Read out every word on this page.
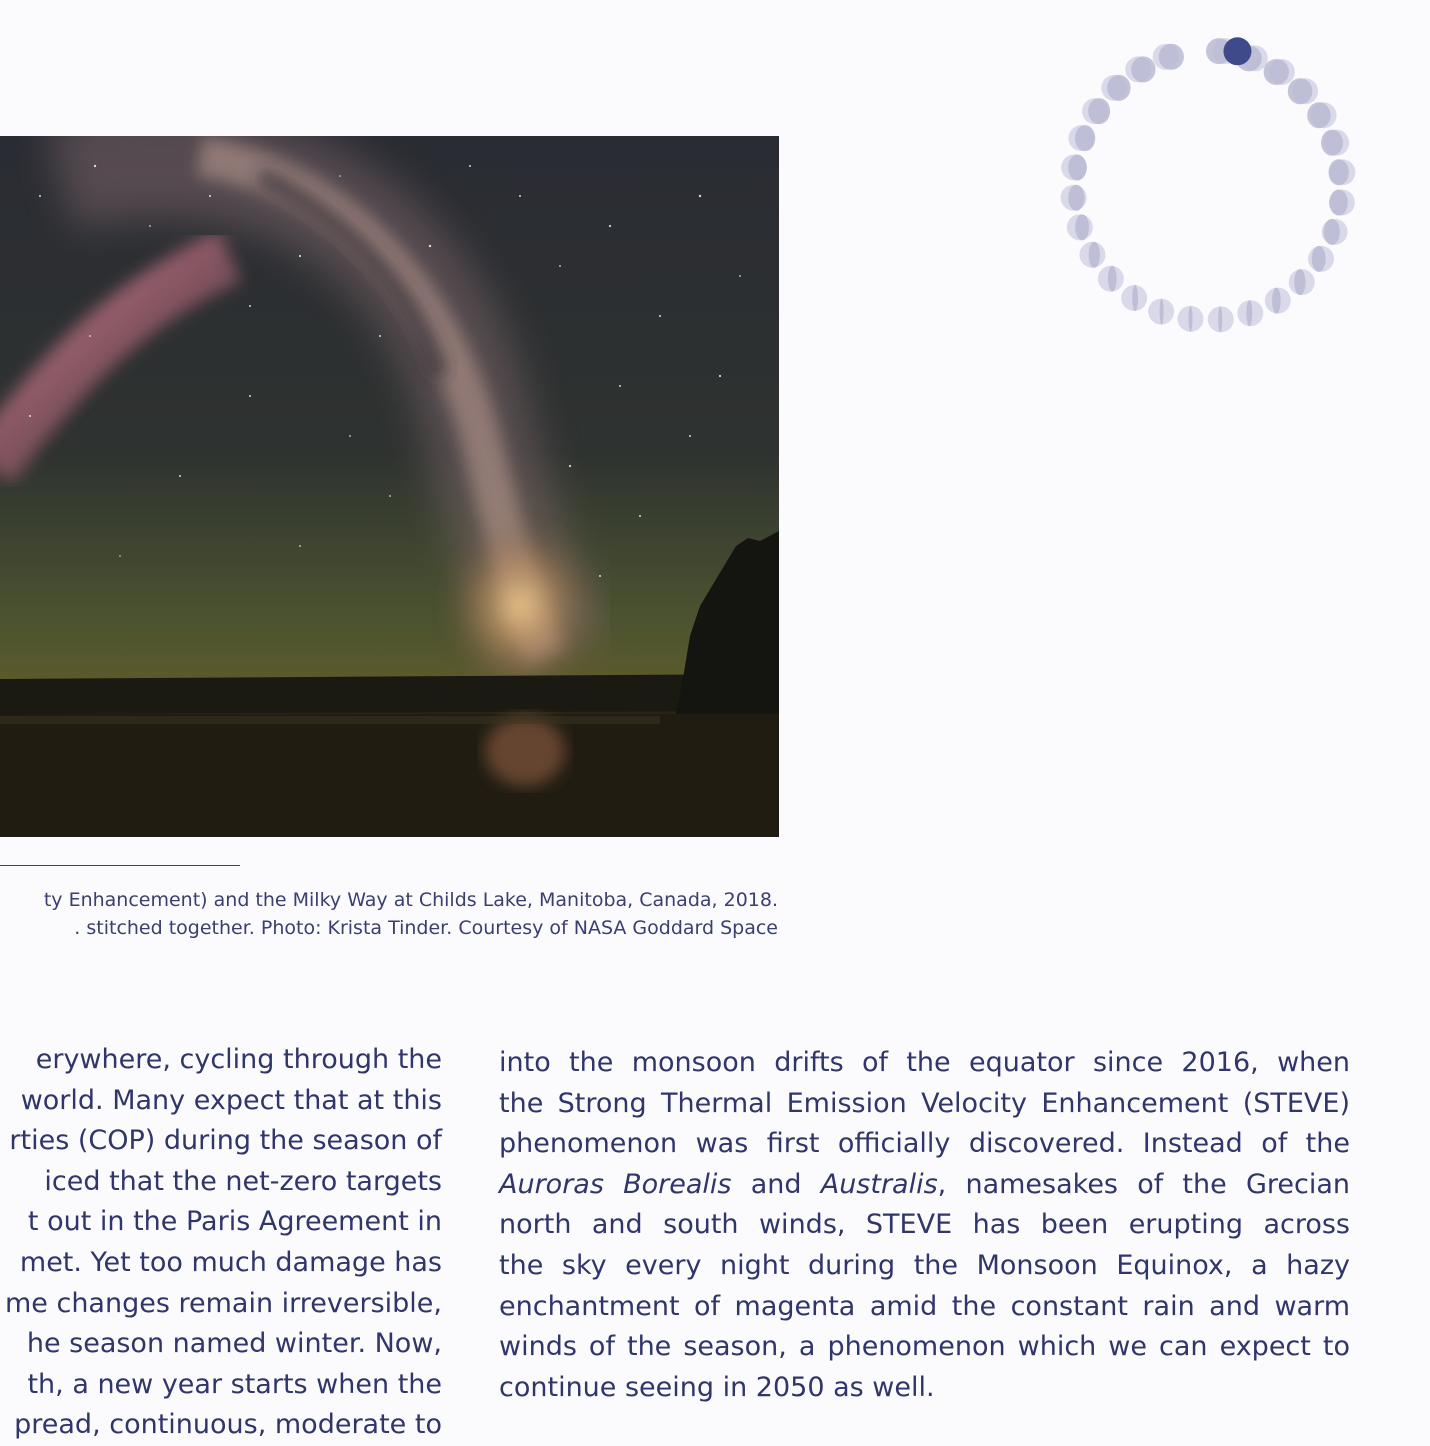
ty Enhancement) and the Milky Way at Childs Lake, Manitoba, Canada, 2018.
. stitched together. Photo: Krista Tinder. Courtesy of NASA Goddard Space
erywhere, cycling through the
world. Many expect that at this
rties (COP) during the season of
iced that the net-zero targets
t out in the Paris Agreement in
met. Yet too much damage has
me changes remain irreversible,
he season named winter. Now,
th, a new year starts when the
pread, continuous, moderate to
into the monsoon drifts of the equator since 2016, when
the Strong Thermal Emission Velocity Enhancement (STEVE)
phenomenon was first officially discovered. Instead of the
Auroras Borealis and Australis, namesakes of the Grecian
north and south winds, STEVE has been erupting across
the sky every night during the Monsoon Equinox, a hazy
enchantment of magenta amid the constant rain and warm
winds of the season, a phenomenon which we can expect to
continue seeing in 2050 as well.
